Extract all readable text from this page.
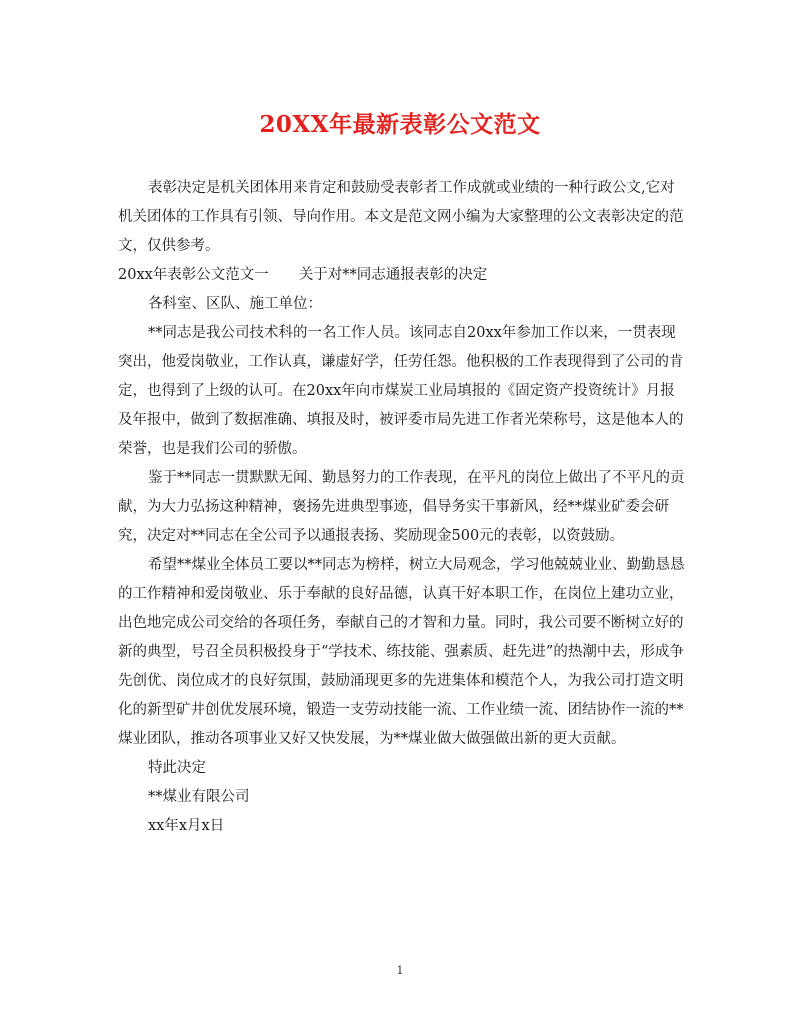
20XX年最新表彰公文范文

表彰决定是机关团体用来肯定和鼓励受表彰者工作成就或业绩的一种行政公文,它对机关团体的工作具有引领、导向作用。本文是范文网小编为大家整理的公文表彰决定的范文，仅供参考。

20xx年表彰公文范文一 关于对**同志通报表彰的决定

各科室、区队、施工单位：

**同志是我公司技术科的一名工作人员。该同志自20xx年参加工作以来，一贯表现突出，他爱岗敬业，工作认真，谦虚好学，任劳任怨。他积极的工作表现得到了公司的肯定，也得到了上级的认可。在20xx年向市煤炭工业局填报的《固定资产投资统计》月报及年报中，做到了数据准确、填报及时，被评委市局先进工作者光荣称号，这是他本人的荣誉，也是我们公司的骄傲。

鉴于**同志一贯默默无闻、勤恳努力的工作表现，在平凡的岗位上做出了不平凡的贡献，为大力弘扬这种精神，褒扬先进典型事迹，倡导务实干事新风，经**煤业矿委会研究，决定对**同志在全公司予以通报表扬、奖励现金500元的表彰，以资鼓励。

希望**煤业全体员工要以**同志为榜样，树立大局观念，学习他兢兢业业、勤勤恳恳的工作精神和爱岗敬业、乐于奉献的良好品德，认真干好本职工作，在岗位上建功立业，出色地完成公司交给的各项任务，奉献自己的才智和力量。同时，我公司要不断树立好的新的典型，号召全员积极投身于“学技术、练技能、强素质、赶先进”的热潮中去，形成争先创优、岗位成才的良好氛围，鼓励涌现更多的先进集体和模范个人，为我公司打造文明化的新型矿井创优发展环境，锻造一支劳动技能一流、工作业绩一流、团结协作一流的**煤业团队，推动各项事业又好又快发展，为**煤业做大做强做出新的更大贡献。

特此决定

**煤业有限公司

xx年x月x日

1
